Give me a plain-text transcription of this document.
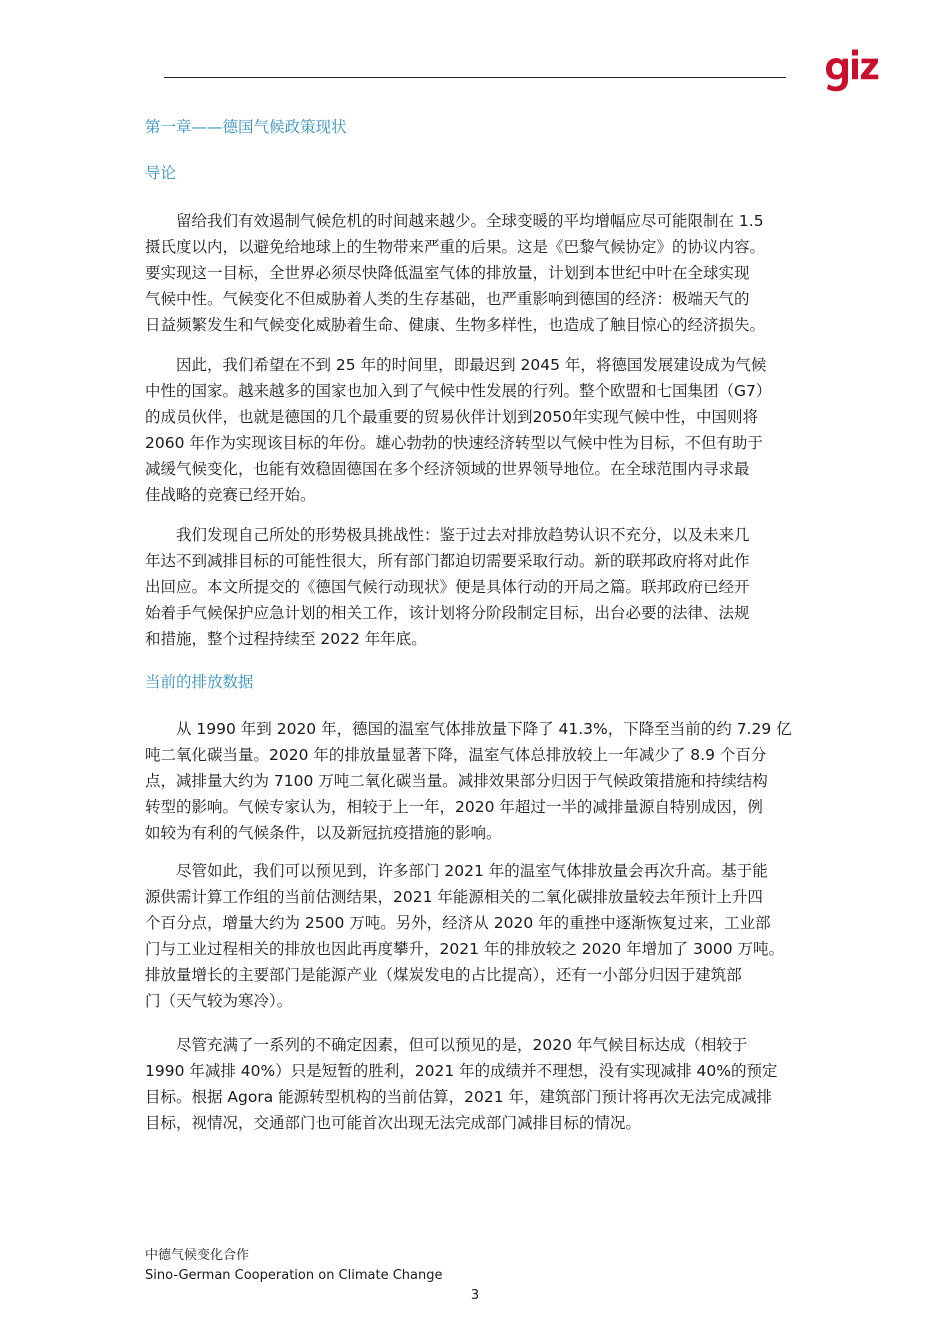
第一章——德国气候政策现状
导论
留给我们有效遏制气候危机的时间越来越少。全球变暖的平均增幅应尽可能限制在 1.5
摄氏度以内，以避免给地球上的生物带来严重的后果。这是《巴黎气候协定》的协议内容。
要实现这一目标，全世界必须尽快降低温室气体的排放量，计划到本世纪中叶在全球实现
气候中性。气候变化不但威胁着人类的生存基础，也严重影响到德国的经济：极端天气的
日益频繁发生和气候变化威胁着生命、健康、生物多样性，也造成了触目惊心的经济损失。
因此，我们希望在不到 25 年的时间里，即最迟到 2045 年，将德国发展建设成为气候
中性的国家。越来越多的国家也加入到了气候中性发展的行列。整个欧盟和七国集团（G7）
的成员伙伴，也就是德国的几个最重要的贸易伙伴计划到2050年实现气候中性，中国则将
2060 年作为实现该目标的年份。雄心勃勃的快速经济转型以气候中性为目标，不但有助于
减缓气候变化，也能有效稳固德国在多个经济领域的世界领导地位。在全球范围内寻求最
佳战略的竞赛已经开始。
我们发现自己所处的形势极具挑战性：鉴于过去对排放趋势认识不充分，以及未来几
年达不到减排目标的可能性很大，所有部门都迫切需要采取行动。新的联邦政府将对此作
出回应。本文所提交的《德国气候行动现状》便是具体行动的开局之篇。联邦政府已经开
始着手气候保护应急计划的相关工作，该计划将分阶段制定目标，出台必要的法律、法规
和措施，整个过程持续至 2022 年年底。
当前的排放数据
从 1990 年到 2020 年，德国的温室气体排放量下降了 41.3%，下降至当前的约 7.29 亿
吨二氧化碳当量。2020 年的排放量显著下降，温室气体总排放较上一年减少了 8.9 个百分
点，减排量大约为 7100 万吨二氧化碳当量。减排效果部分归因于气候政策措施和持续结构
转型的影响。气候专家认为，相较于上一年，2020 年超过一半的减排量源自特别成因，例
如较为有利的气候条件，以及新冠抗疫措施的影响。
尽管如此，我们可以预见到，许多部门 2021 年的温室气体排放量会再次升高。基于能
源供需计算工作组的当前估测结果，2021 年能源相关的二氧化碳排放量较去年预计上升四
个百分点，增量大约为 2500 万吨。另外，经济从 2020 年的重挫中逐渐恢复过来，工业部
门与工业过程相关的排放也因此再度攀升，2021 年的排放较之 2020 年增加了 3000 万吨。
排放量增长的主要部门是能源产业（煤炭发电的占比提高），还有一小部分归因于建筑部
门（天气较为寒冷）。
尽管充满了一系列的不确定因素，但可以预见的是，2020 年气候目标达成（相较于
1990 年减排 40%）只是短暂的胜利，2021 年的成绩并不理想，没有实现减排 40%的预定
目标。根据 Agora 能源转型机构的当前估算，2021 年，建筑部门预计将再次无法完成减排
目标，视情况，交通部门也可能首次出现无法完成部门减排目标的情况。
中德气候变化合作
Sino-German Cooperation on Climate Change
3
